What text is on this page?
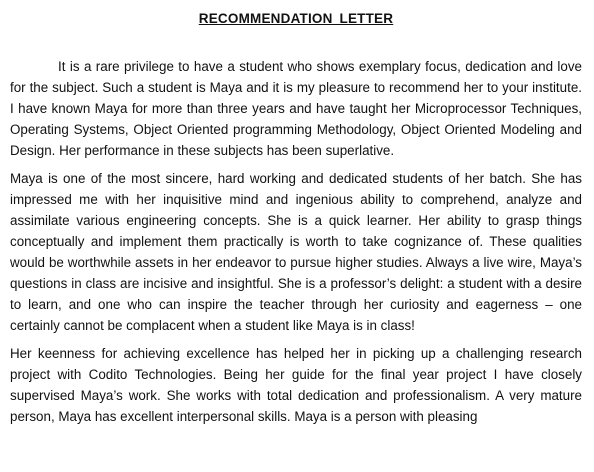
RECOMMENDATION LETTER

It is a rare privilege to have a student who shows exemplary focus, dedication and love for the subject. Such a student is Maya and it is my pleasure to recommend her to your institute. I have known Maya for more than three years and have taught her Microprocessor Techniques, Operating Systems, Object Oriented programming Methodology, Object Oriented Modeling and Design. Her performance in these subjects has been superlative.

Maya is one of the most sincere, hard working and dedicated students of her batch. She has impressed me with her inquisitive mind and ingenious ability to comprehend, analyze and assimilate various engineering concepts. She is a quick learner. Her ability to grasp things conceptually and implement them practically is worth to take cognizance of. These qualities would be worthwhile assets in her endeavor to pursue higher studies. Always a live wire, Maya’s questions in class are incisive and insightful. She is a professor’s delight: a student with a desire to learn, and one who can inspire the teacher through her curiosity and eagerness – one certainly cannot be complacent when a student like Maya is in class!

Her keenness for achieving excellence has helped her in picking up a challenging research project with Codito Technologies. Being her guide for the final year project I have closely supervised Maya’s work. She works with total dedication and professionalism. A very mature person, Maya has excellent interpersonal skills. Maya is a person with pleasing
